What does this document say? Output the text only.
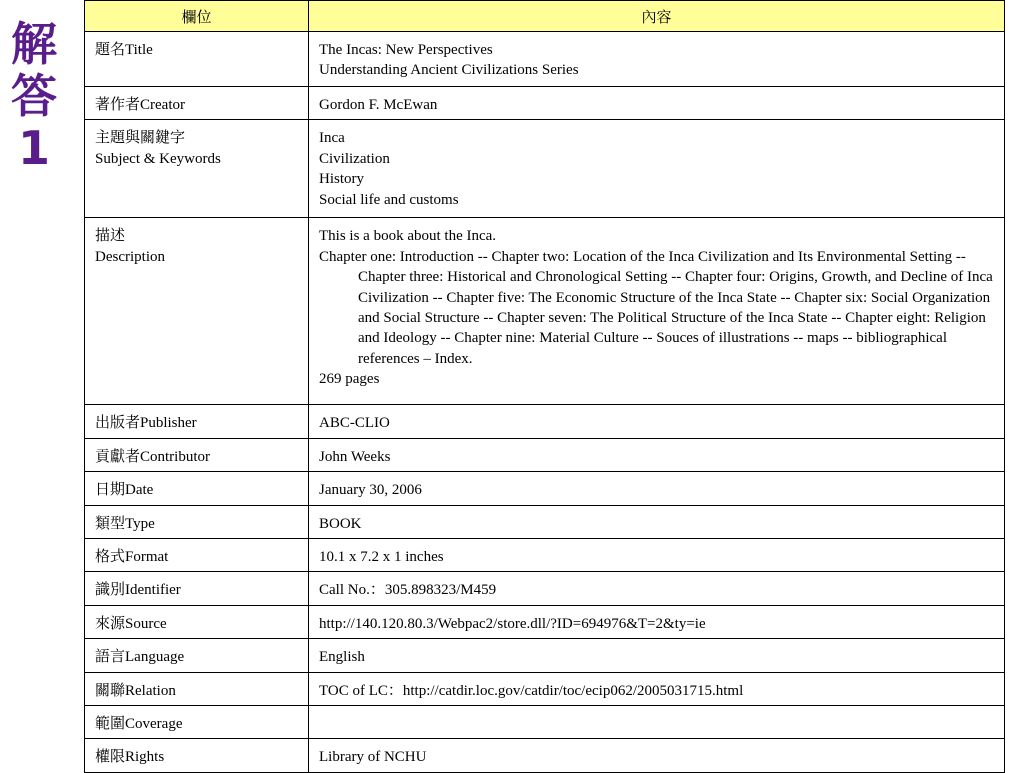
解
答
1
欄位	內容

題名Title	The Incas: New Perspectives
Understanding Ancient Civilizations Series

著作者Creator	Gordon F. McEwan

主題與關鍵字
Subject & Keywords	Inca
Civilization
History
Social life and customs

描述
Description	This is a book about the Inca.
Chapter one: Introduction -- Chapter two: Location of the Inca Civilization and Its Environmental Setting -- Chapter three: Historical and Chronological Setting -- Chapter four: Origins, Growth, and Decline of Inca Civilization -- Chapter five: The Economic Structure of the Inca State -- Chapter six: Social Organization and Social Structure -- Chapter seven: The Political Structure of the Inca State -- Chapter eight: Religion and Ideology -- Chapter nine: Material Culture -- Souces of illustrations -- maps -- bibliographical references – Index.
269 pages

出版者Publisher	ABC-CLIO

貢獻者Contributor	John Weeks

日期Date	January 30, 2006

類型Type	BOOK

格式Format	10.1 x 7.2 x 1 inches

識別Identifier	Call No.：305.898323/M459

來源Source	http://140.120.80.3/Webpac2/store.dll/?ID=694976&T=2&ty=ie

語言Language	English

關聯Relation	TOC of LC：http://catdir.loc.gov/catdir/toc/ecip062/2005031715.html

範圍Coverage	

權限Rights	Library of NCHU
